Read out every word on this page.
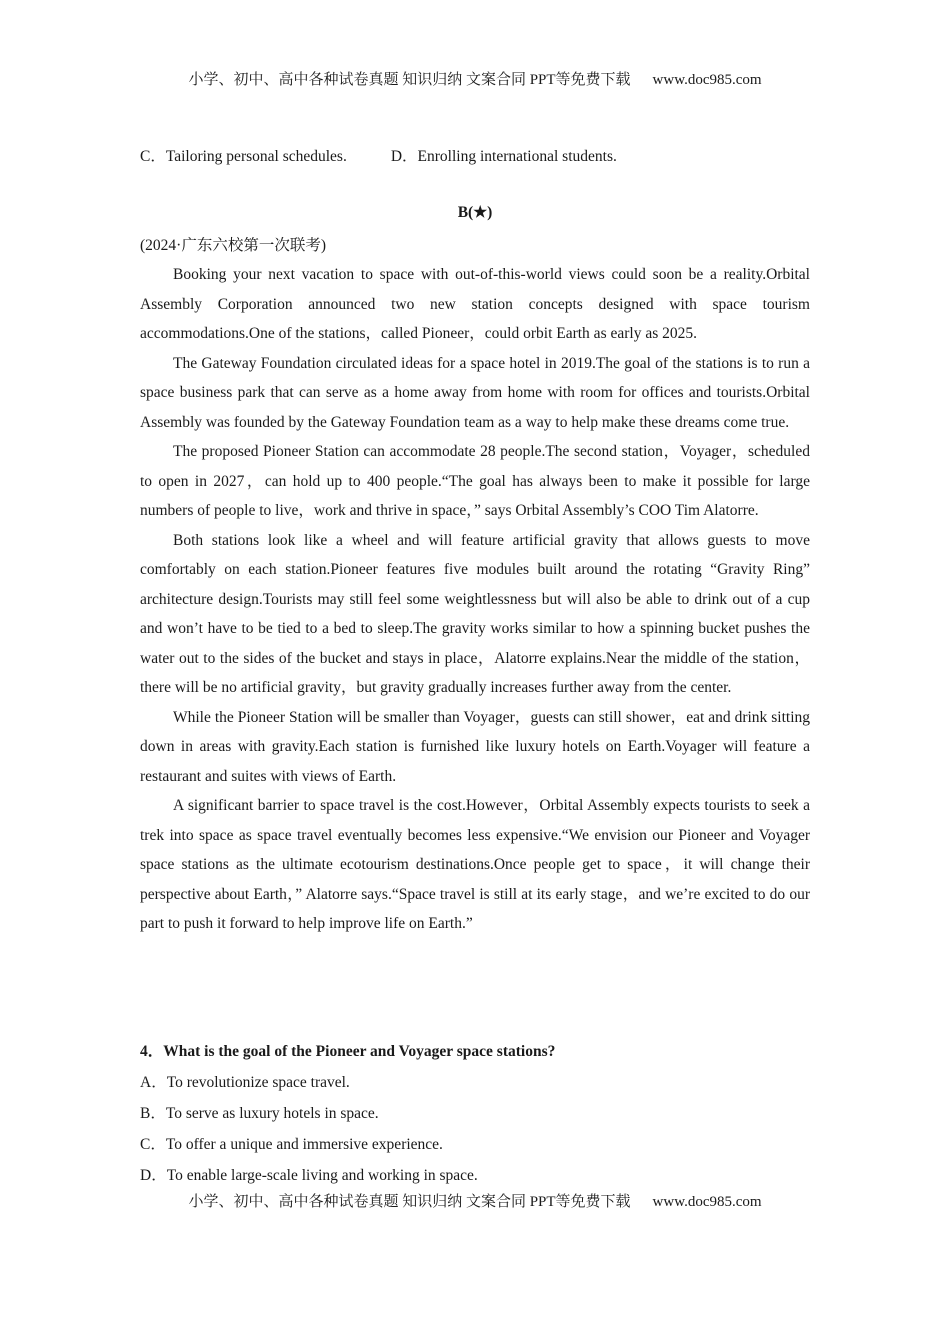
小学、初中、高中各种试卷真题 知识归纳 文案合同 PPT等免费下载 www.doc985.com
C．Tailoring personal schedules.	D．Enrolling international students.
B(★)
(2024·广东六校第一次联考)

Booking your next vacation to space with out-of-this-world views could soon be a reality.Orbital Assembly Corporation announced two new station concepts designed with space tourism accommodations.One of the stations，called Pioneer，could orbit Earth as early as 2025.

The Gateway Foundation circulated ideas for a space hotel in 2019.The goal of the stations is to run a space business park that can serve as a home away from home with room for offices and tourists.Orbital Assembly was founded by the Gateway Foundation team as a way to help make these dreams come true.

The proposed Pioneer Station can accommodate 28 people.The second station，Voyager，scheduled to open in 2027，can hold up to 400 people.“The goal has always been to make it possible for large numbers of people to live，work and thrive in space，” says Orbital Assembly’s COO Tim Alatorre.

Both stations look like a wheel and will feature artificial gravity that allows guests to move comfortably on each station.Pioneer features five modules built around the rotating “Gravity Ring” architecture design.Tourists may still feel some weightlessness but will also be able to drink out of a cup and won’t have to be tied to a bed to sleep.The gravity works similar to how a spinning bucket pushes the water out to the sides of the bucket and stays in place，Alatorre explains.Near the middle of the station，there will be no artificial gravity，but gravity gradually increases further away from the center.

While the Pioneer Station will be smaller than Voyager，guests can still shower，eat and drink sitting down in areas with gravity.Each station is furnished like luxury hotels on Earth.Voyager will feature a restaurant and suites with views of Earth.

A significant barrier to space travel is the cost.However，Orbital Assembly expects tourists to seek a trek into space as space travel eventually becomes less expensive.“We envision our Pioneer and Voyager space stations as the ultimate ecotourism destinations.Once people get to space，it will change their perspective about Earth，” Alatorre says.“Space travel is still at its early stage，and we’re excited to do our part to push it forward to help improve life on Earth.”

4．What is the goal of the Pioneer and Voyager space stations?
A．To revolutionize space travel.
B．To serve as luxury hotels in space.
C．To offer a unique and immersive experience.
D．To enable large-scale living and working in space.
小学、初中、高中各种试卷真题 知识归纳 文案合同 PPT等免费下载 www.doc985.com
